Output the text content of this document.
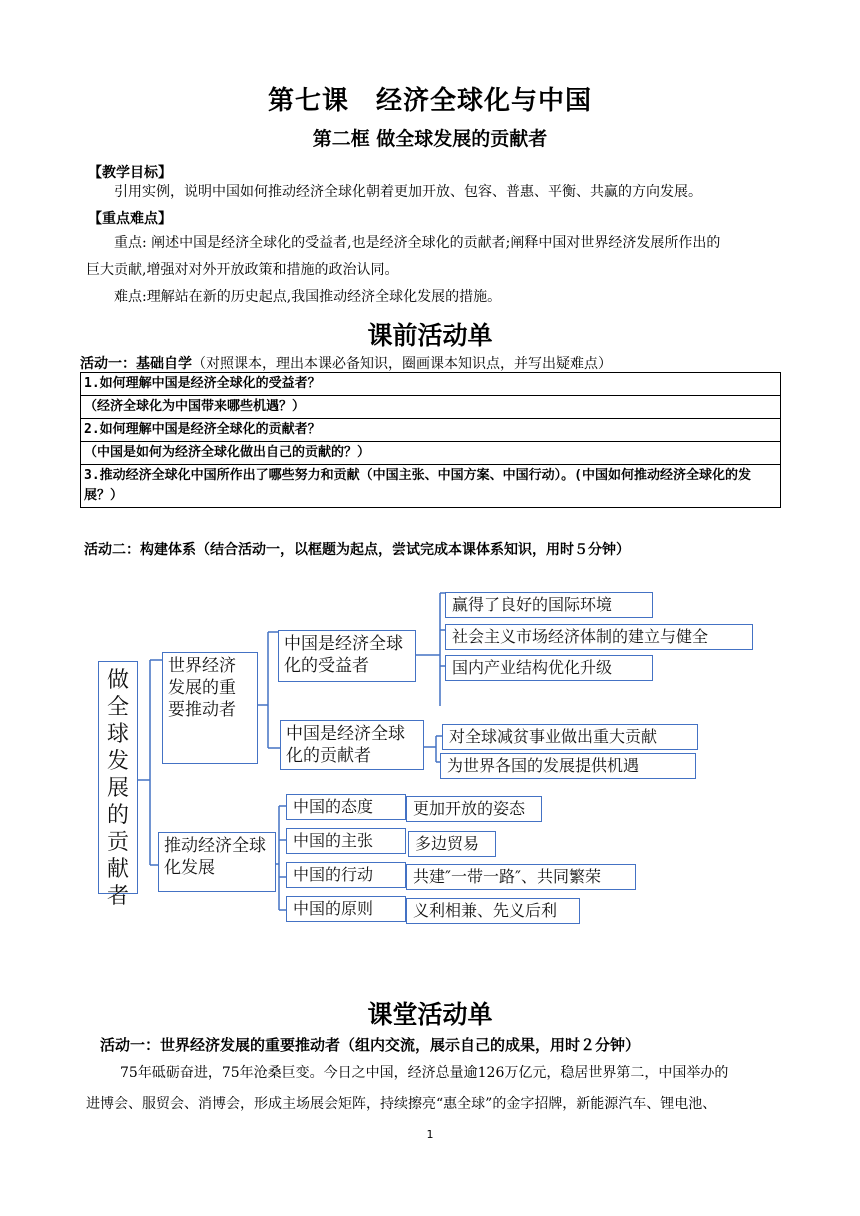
第七课　经济全球化与中国
第二框 做全球发展的贡献者
【教学目标】
引用实例，说明中国如何推动经济全球化朝着更加开放、包容、普惠、平衡、共赢的方向发展。
【重点难点】
重点: 阐述中国是经济全球化的受益者,也是经济全球化的贡献者;阐释中国对世界经济发展所作出的
巨大贡献,增强对对外开放政策和措施的政治认同。
难点:理解站在新的历史起点,我国推动经济全球化发展的措施。
课前活动单
活动一：基础自学（对照课本，理出本课必备知识，圈画课本知识点，并写出疑难点）
1.如何理解中国是经济全球化的受益者？
（经济全球化为中国带来哪些机遇？）
2.如何理解中国是经济全球化的贡献者？
（中国是如何为经济全球化做出自己的贡献的？）
3.推动经济全球化中国所作出了哪些努力和贡献（中国主张、中国方案、中国行动）。(中国如何推动经济全球化的发展？）
活动二：构建体系（结合活动一，以框题为起点，尝试完成本课体系知识，用时５分钟）
做全球发展的贡献者
世界经济发展的重要推动者
中国是经济全球化的受益者
赢得了良好的国际环境
社会主义市场经济体制的建立与健全
国内产业结构优化升级
中国是经济全球化的贡献者
对全球减贫事业做出重大贡献
为世界各国的发展提供机遇
推动经济全球化发展
中国的态度	更加开放的姿态
中国的主张	多边贸易
中国的行动	共建″一带一路″、共同繁荣
中国的原则	义利相兼、先义后利
课堂活动单
活动一：世界经济发展的重要推动者（组内交流，展示自己的成果，用时２分钟）
75年砥砺奋进，75年沧桑巨变。今日之中国，经济总量逾126万亿元，稳居世界第二，中国举办的
进博会、服贸会、消博会，形成主场展会矩阵，持续擦亮“惠全球”的金字招牌，新能源汽车、锂电池、
1
